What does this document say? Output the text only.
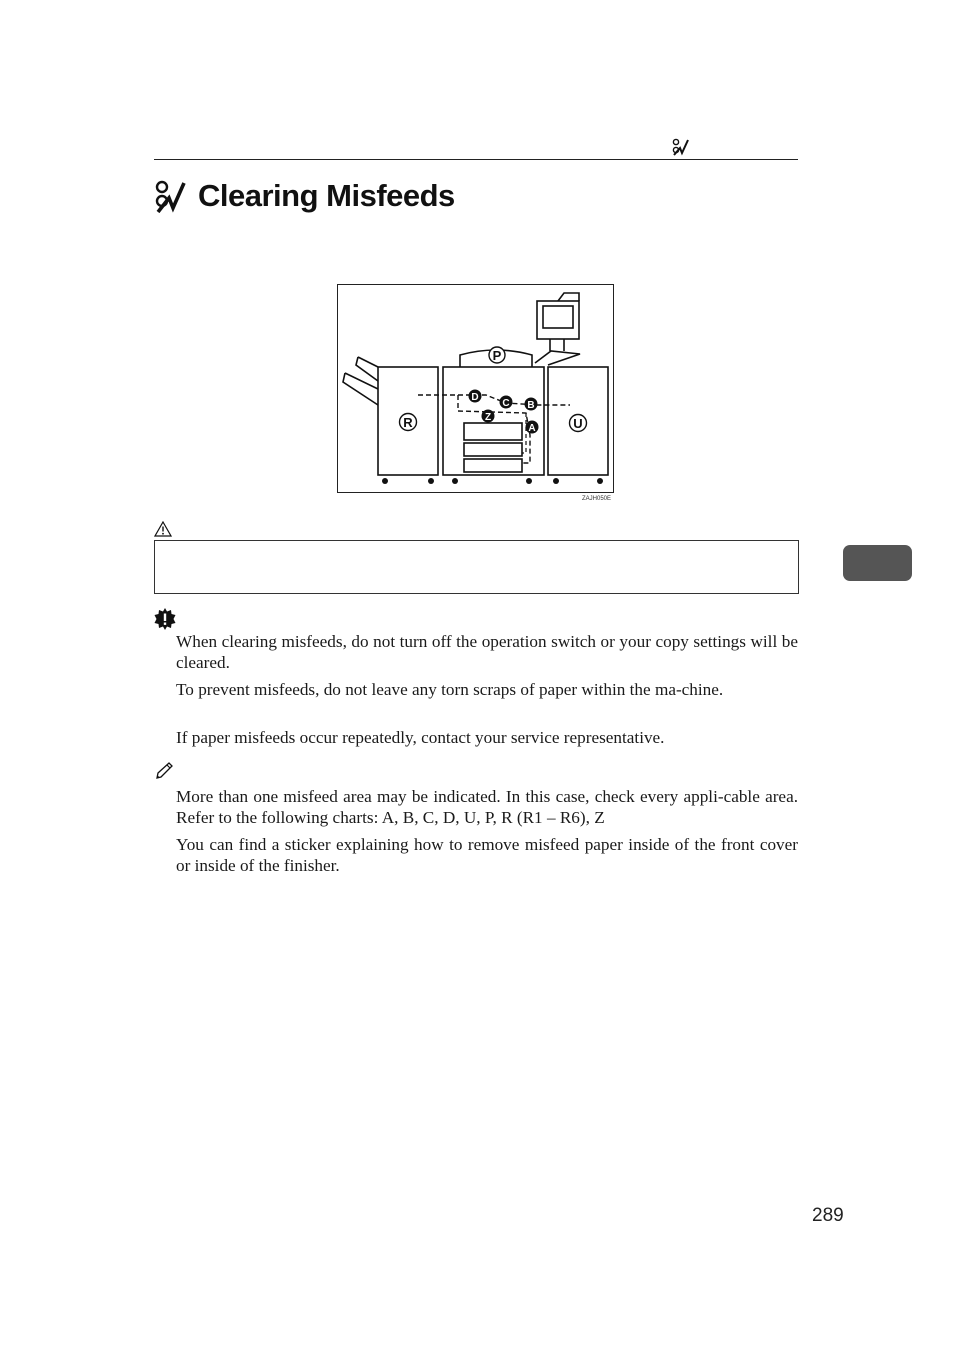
Clearing Misfeeds
P
R	U
D
C B
Z
A
ZAJH050E

When clearing misfeeds, do not turn off the operation switch or your copy settings will be cleared.

To prevent misfeeds, do not leave any torn scraps of paper within the ma-chine.

If paper misfeeds occur repeatedly, contact your service representative.

More than one misfeed area may be indicated. In this case, check every appli-cable area. Refer to the following charts: A, B, C, D, U, P, R (R1 – R6), Z

You can find a sticker explaining how to remove misfeed paper inside of the front cover or inside of the finisher.

289
